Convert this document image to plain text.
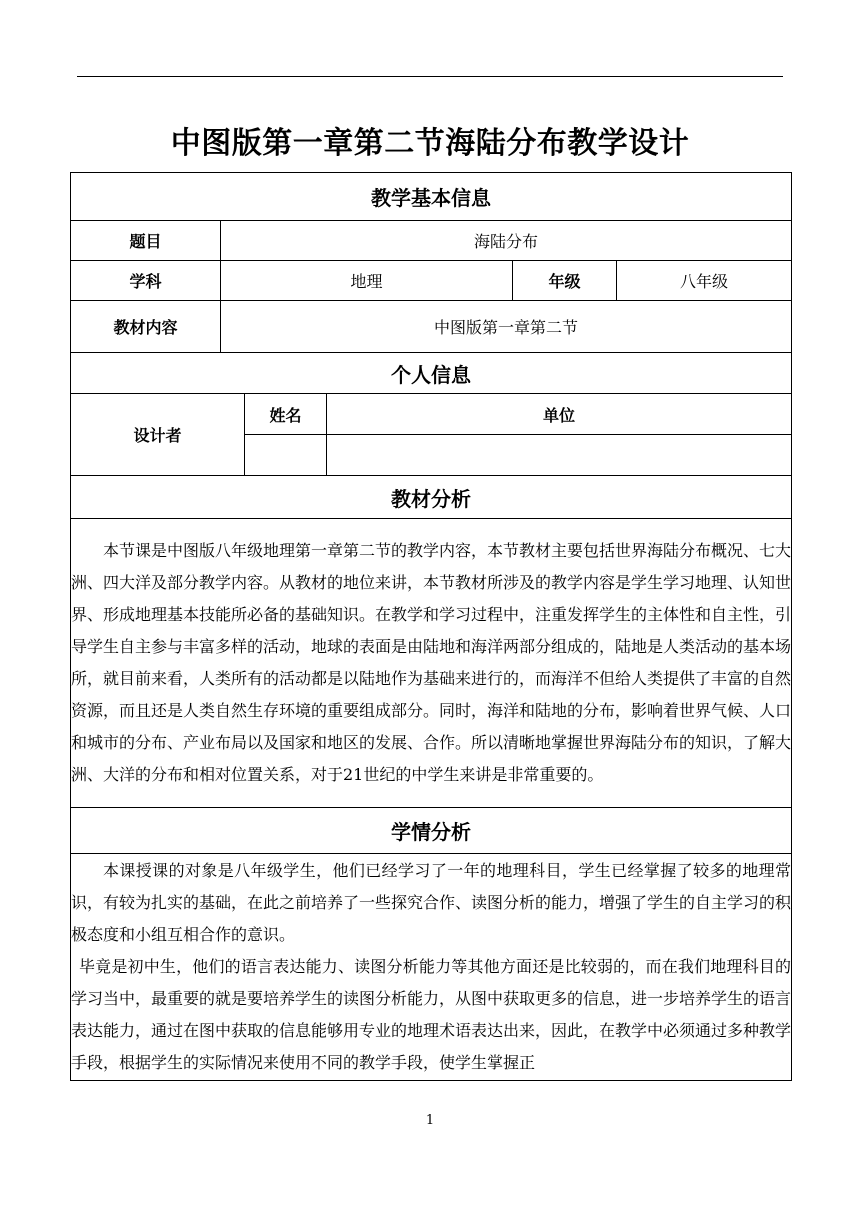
中图版第一章第二节海陆分布教学设计
教学基本信息					
题目	海陆分布				
学科	地理			年级	八年级
教材内容	中图版第一章第二节				
个人信息					
设计者		姓名	单位		

教材分析					

本节课是中图版八年级地理第一章第二节的教学内容，本节教材主要包括世界海陆分布概况、七大洲、四大洋及部分教学内容。从教材的地位来讲，本节教材所涉及的教学内容是学生学习地理、认知世界、形成地理基本技能所必备的基础知识。在教学和学习过程中，注重发挥学生的主体性和自主性，引导学生自主参与丰富多样的活动，地球的表面是由陆地和海洋两部分组成的，陆地是人类活动的基本场所，就目前来看，人类所有的活动都是以陆地作为基础来进行的，而海洋不但给人类提供了丰富的自然资源，而且还是人类自然生存环境的重要组成部分。同时，海洋和陆地的分布，影响着世界气候、人口和城市的分布、产业布局以及国家和地区的发展、合作。所以清晰地掌握世界海陆分布的知识，了解大洲、大洋的分布和相对位置关系，对于21世纪的中学生来讲是非常重要的。					

学情分析					

本课授课的对象是八年级学生，他们已经学习了一年的地理科目，学生已经掌握了较多的地理常识，有较为扎实的基础，在此之前培养了一些探究合作、读图分析的能力，增强了学生的自主学习的积极态度和小组互相合作的意识。

毕竟是初中生，他们的语言表达能力、读图分析能力等其他方面还是比较弱的，而在我们地理科目的学习当中，最重要的就是要培养学生的读图分析能力，从图中获取更多的信息，进一步培养学生的语言表达能力，通过在图中获取的信息能够用专业的地理术语表达出来，因此，在教学中必须通过多种教学手段，根据学生的实际情况来使用不同的教学手段，使学生掌握正					

1
